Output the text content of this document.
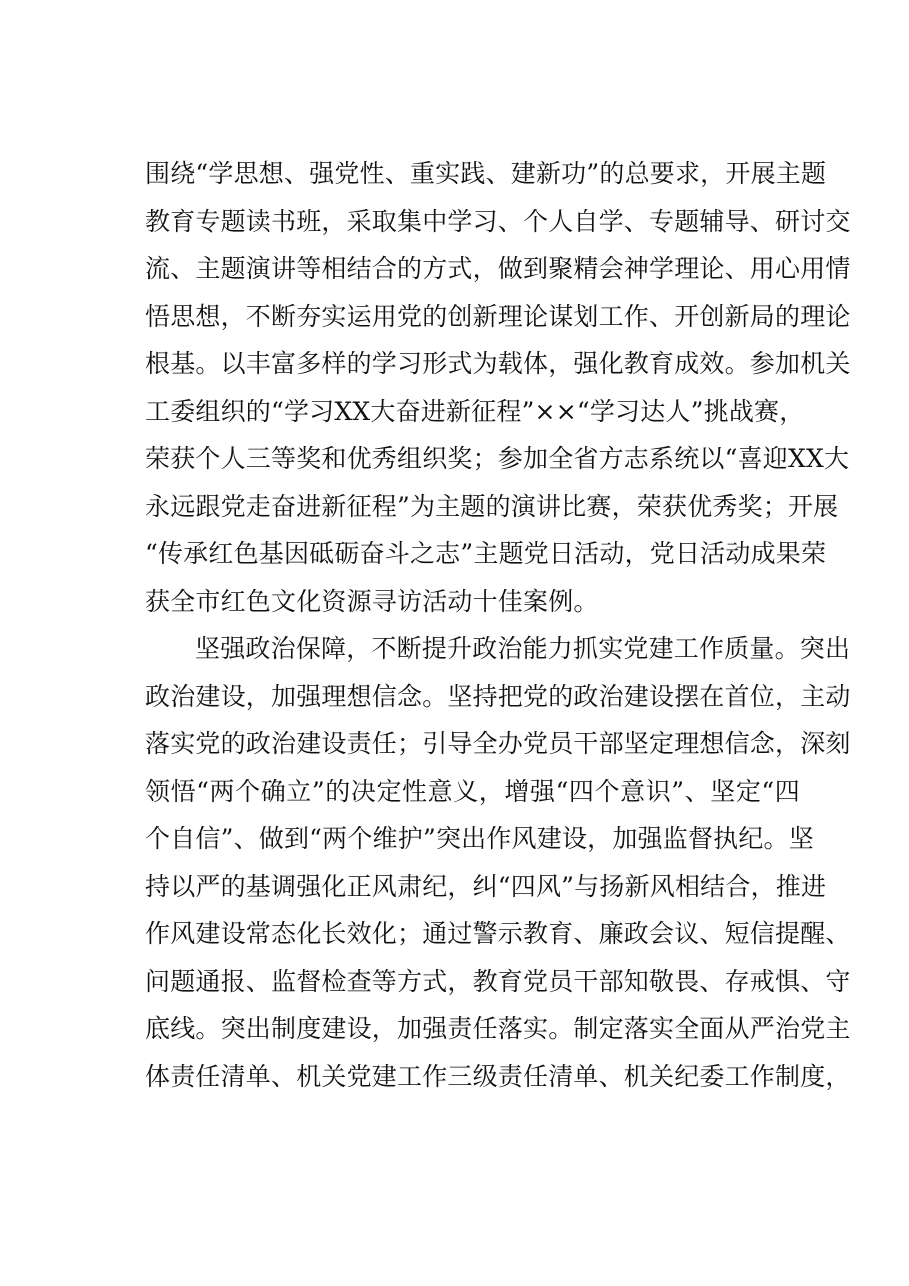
围绕“学思想、强党性、重实践、建新功”的总要求，开展主题
教育专题读书班，采取集中学习、个人自学、专题辅导、研讨交
流、主题演讲等相结合的方式，做到聚精会神学理论、用心用情
悟思想，不断夯实运用党的创新理论谋划工作、开创新局的理论
根基。以丰富多样的学习形式为载体，强化教育成效。参加机关
工委组织的“学习XX大奋进新征程”××“学习达人”挑战赛，
荣获个人三等奖和优秀组织奖；参加全省方志系统以“喜迎XX大
永远跟党走奋进新征程”为主题的演讲比赛，荣获优秀奖；开展
“传承红色基因砥砺奋斗之志”主题党日活动，党日活动成果荣
获全市红色文化资源寻访活动十佳案例。
坚强政治保障，不断提升政治能力抓实党建工作质量。突出
政治建设，加强理想信念。坚持把党的政治建设摆在首位，主动
落实党的政治建设责任；引导全办党员干部坚定理想信念，深刻
领悟“两个确立”的决定性意义，增强“四个意识”、坚定“四
个自信”、做到“两个维护”突出作风建设，加强监督执纪。坚
持以严的基调强化正风肃纪，纠“四风”与扬新风相结合，推进
作风建设常态化长效化；通过警示教育、廉政会议、短信提醒、
问题通报、监督检查等方式，教育党员干部知敬畏、存戒惧、守
底线。突出制度建设，加强责任落实。制定落实全面从严治党主
体责任清单、机关党建工作三级责任清单、机关纪委工作制度，
